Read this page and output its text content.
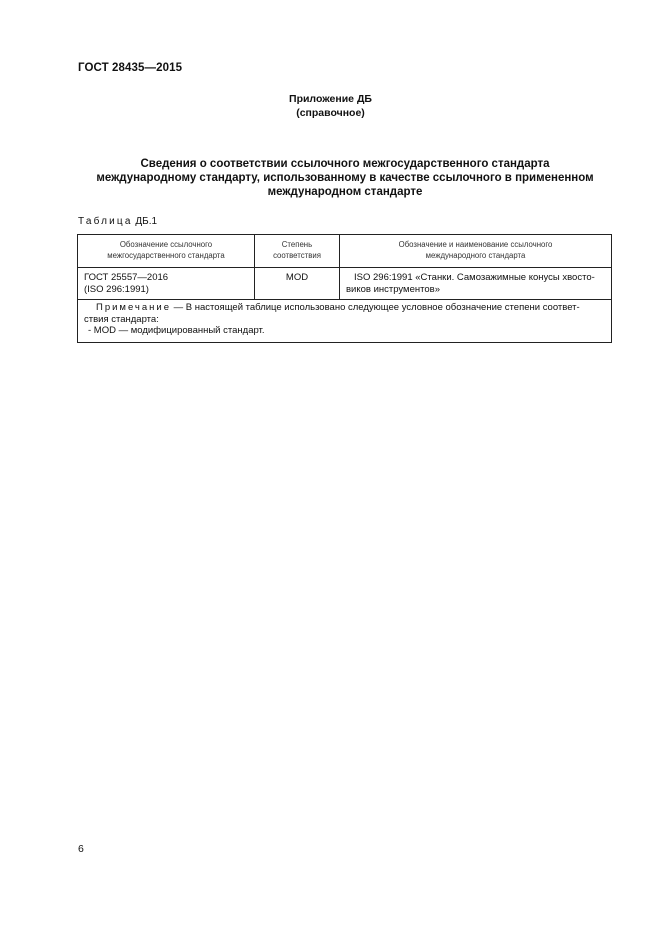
ГОСТ 28435—2015
Приложение ДБ
(справочное)
Сведения о соответствии ссылочного межгосударственного стандарта
международному стандарту, использованному в качестве ссылочного в примененном
международном стандарте
Таблица ДБ.1
Обозначение ссылочного
межгосударственного стандарта	Степень
соответствия	Обозначение и наименование ссылочного
международного стандарта
ГОСТ 25557—2016
(ISO 296:1991)	MOD	ISO 296:1991 «Станки. Самозажимные конусы хвосто-
виков инструментов»
Примечание — В настоящей таблице использовано следующее условное обозначение степени соответ-
ствия стандарта:
- MOD — модифицированный стандарт.		
6
